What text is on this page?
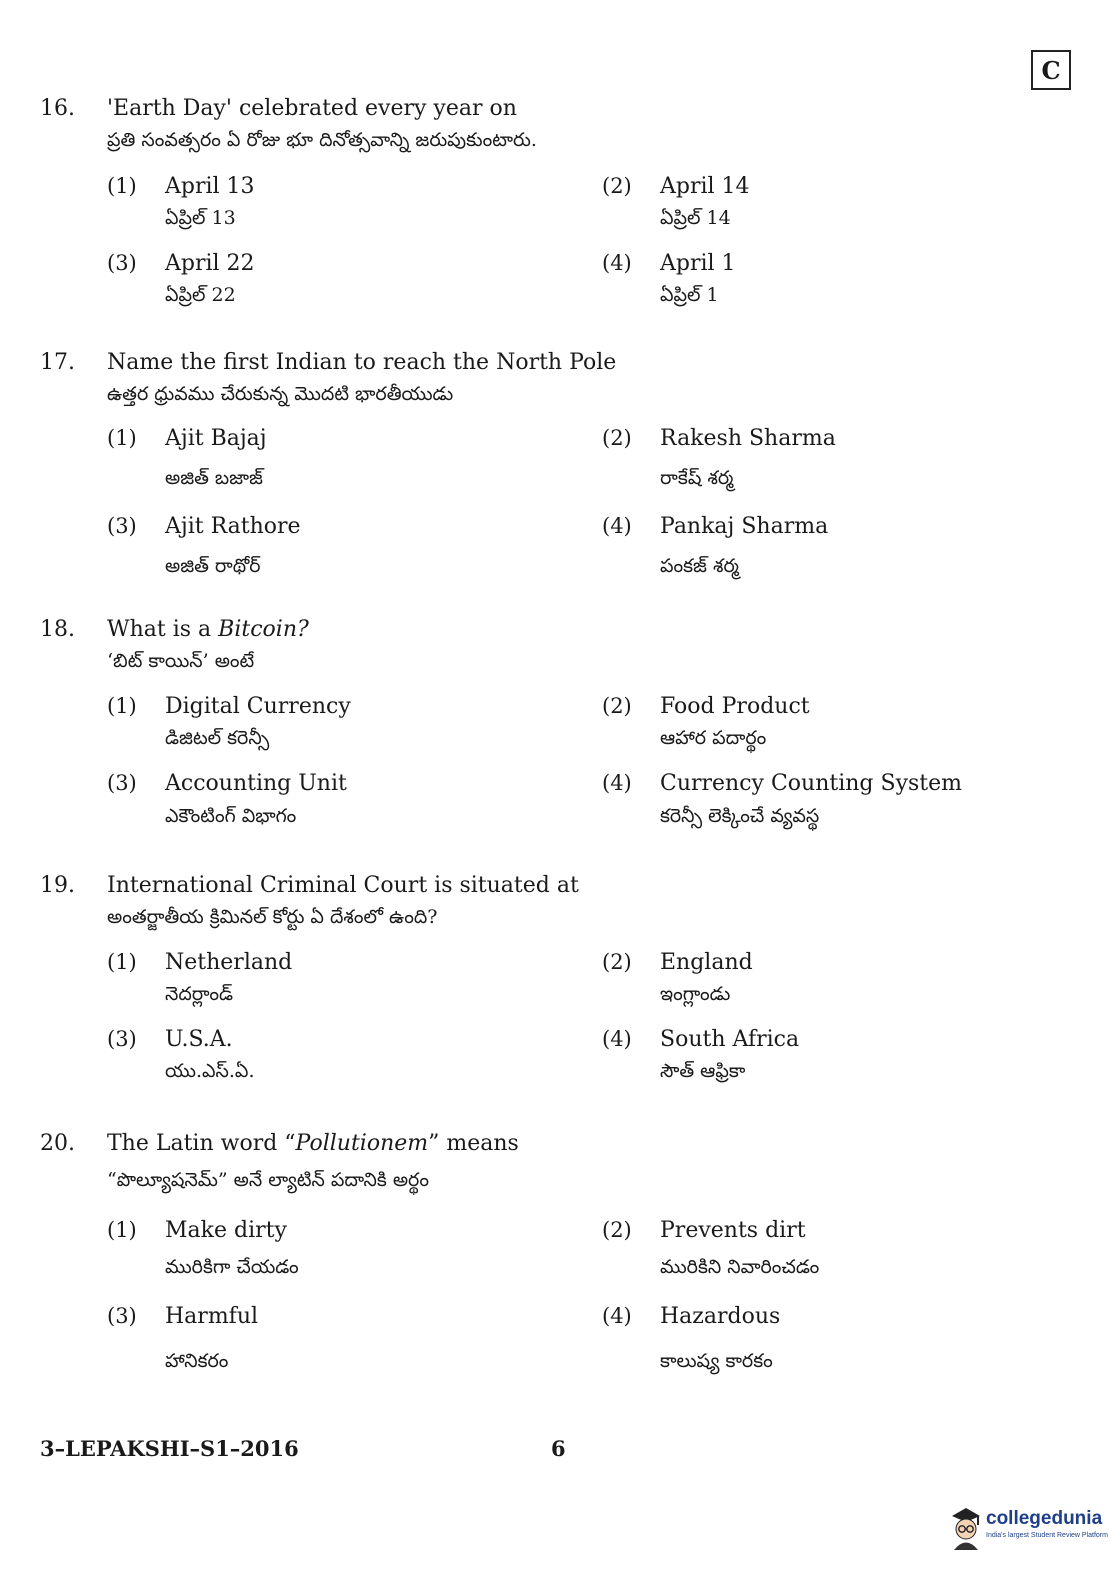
C
16. 'Earth Day' celebrated every year on
ప్రతి సంవత్సరం ఏ రోజు భూ దినోత్సవాన్ని జరుపుకుంటారు.
(1) April 13
ఏప్రిల్ 13
(2) April 14
ఏప్రిల్ 14
(3) April 22
ఏప్రిల్ 22
(4) April 1
ఏప్రిల్ 1
17. Name the first Indian to reach the North Pole
ఉత్తర ధ్రువము చేరుకున్న మొదటి భారతీయుడు
(1) Ajit Bajaj
అజిత్ బజాజ్
(2) Rakesh Sharma
రాకేష్ శర్మ
(3) Ajit Rathore
అజిత్ రాథోర్
(4) Pankaj Sharma
పంకజ్ శర్మ
18. What is a Bitcoin?
‘బిట్ కాయిన్’ అంటే
(1) Digital Currency
డిజిటల్ కరెన్సీ
(2) Food Product
ఆహార పదార్థం
(3) Accounting Unit
ఎకౌంటింగ్ విభాగం
(4) Currency Counting System
కరెన్సీ లెక్కించే వ్యవస్థ
19. International Criminal Court is situated at
అంతర్జాతీయ క్రిమినల్ కోర్టు ఏ దేశంలో ఉంది?
(1) Netherland
నెదర్లాండ్
(2) England
ఇంగ్లాండు
(3) U.S.A.
యు.ఎస్.ఏ.
(4) South Africa
సౌత్ ఆఫ్రికా
20. The Latin word “Pollutionem” means
“పొల్యూషనెమ్” అనే ల్యాటిన్ పదానికి అర్థం
(1) Make dirty
మురికిగా చేయడం
(2) Prevents dirt
మురికిని నివారించడం
(3) Harmful
హానికరం
(4) Hazardous
కాలుష్య కారకం
3–LEPAKSHI–S1–2016	6
collegedunia
India's largest Student Review Platform
